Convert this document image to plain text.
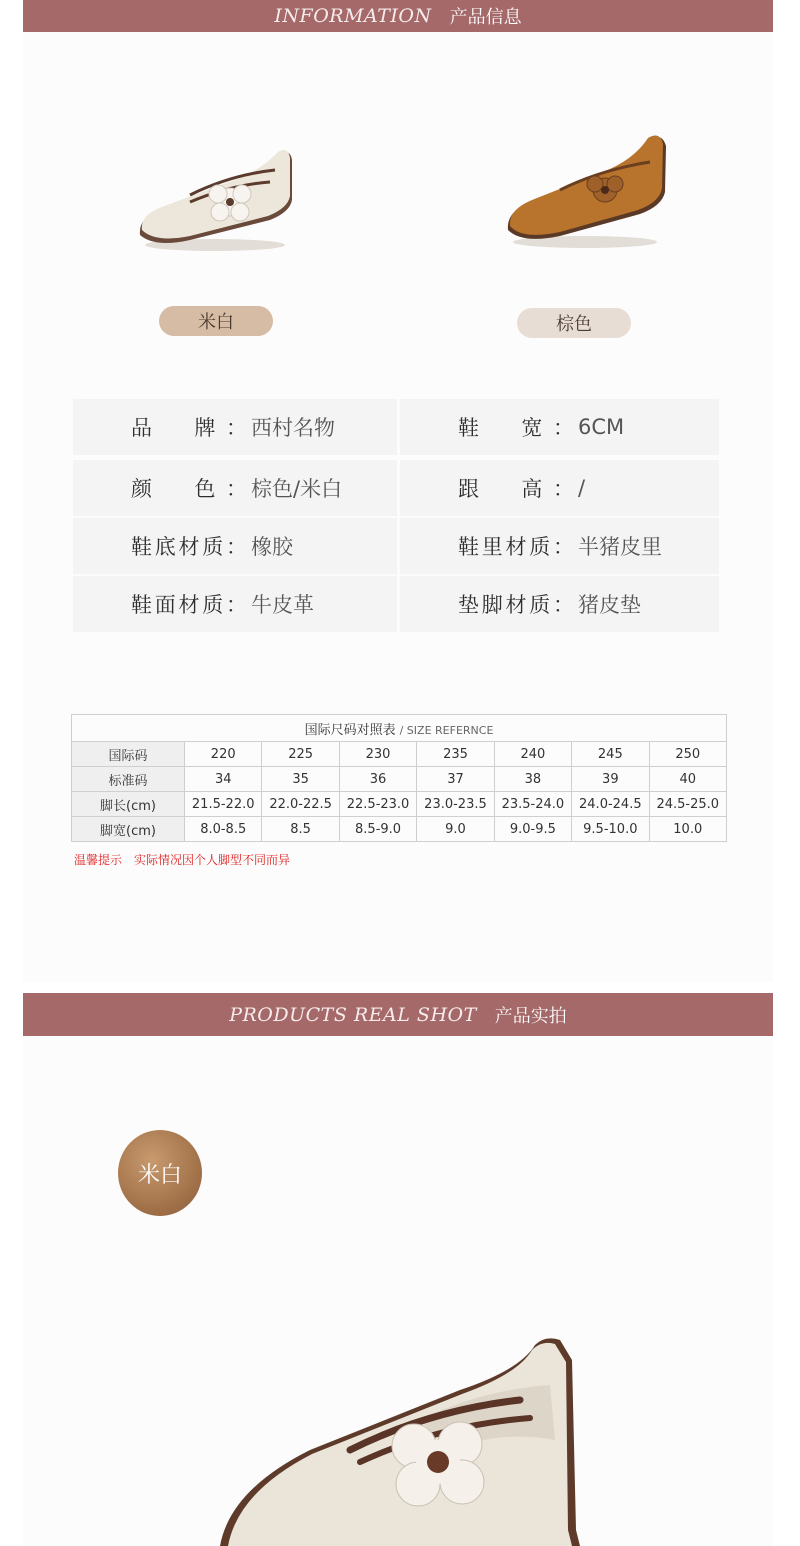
INFORMATION 产品信息
米白	棕色
品　牌： 西村名物	鞋　宽： 6CM
颜　色： 棕色/米白	跟　高： /
鞋底材质： 橡胶	鞋里材质： 半猪皮里
鞋面材质： 牛皮革	垫脚材质： 猪皮垫
国际尺码对照表 / SIZE REFERNCE							
国际码	220	225	230	235	240	245	250
标准码	34	35	36	37	38	39	40
脚长(cm)	21.5-22.0	22.0-22.5	22.5-23.0	23.0-23.5	23.5-24.0	24.0-24.5	24.5-25.0
脚宽(cm)	8.0-8.5	8.5	8.5-9.0	9.0	9.0-9.5	9.5-10.0	10.0
温馨提示 实际情况因个人脚型不同而异
PRODUCTS REAL SHOT 产品实拍
米白
